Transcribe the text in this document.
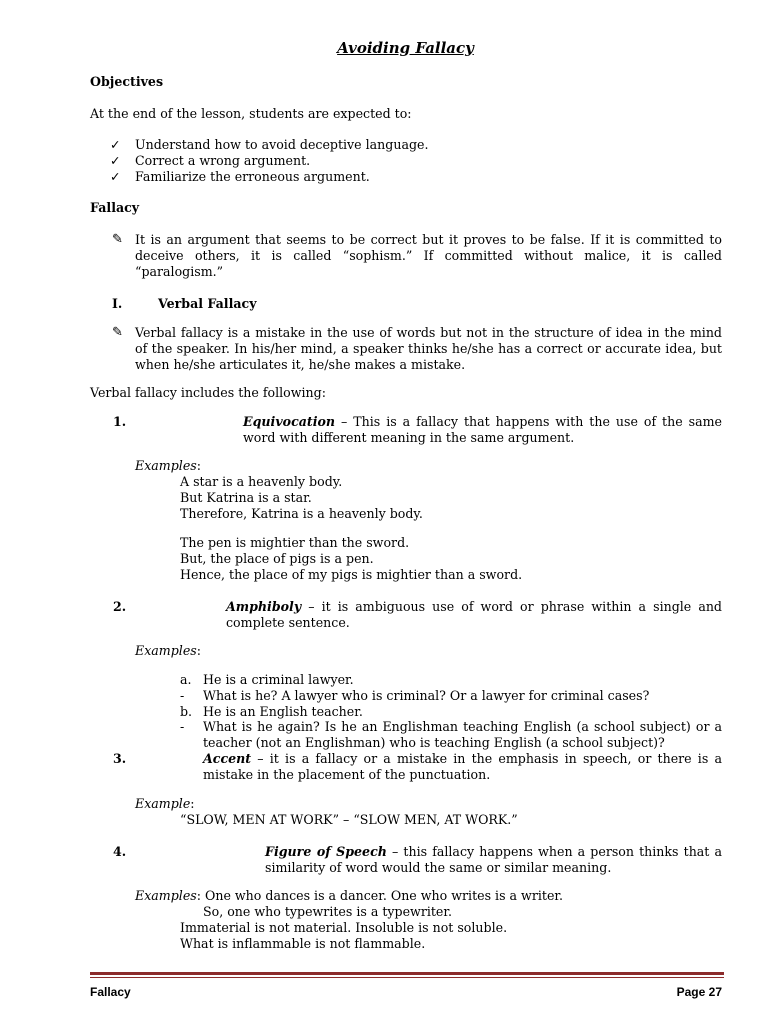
Avoiding Fallacy
Objectives
At the end of the lesson, students are expected to:
✓ Understand how to avoid deceptive language.
✓ Correct a wrong argument.
✓ Familiarize the erroneous argument.
Fallacy
✎ It is an argument that seems to be correct but it proves to be false. If it is committed to deceive others, it is called “sophism.” If committed without malice, it is called “paralogism.”
I.	Verbal Fallacy
✎ Verbal fallacy is a mistake in the use of words but not in the structure of idea in the mind of the speaker. In his/her mind, a speaker thinks he/she has a correct or accurate idea, but when he/she articulates it, he/she makes a mistake.
Verbal fallacy includes the following:
1.	Equivocation – This is a fallacy that happens with the use of the same word with different meaning in the same argument.
Examples:
A star is a heavenly body.
But Katrina is a star.
Therefore, Katrina is a heavenly body.
The pen is mightier than the sword.
But, the place of pigs is a pen.
Hence, the place of my pigs is mightier than a sword.
2.	Amphiboly – it is ambiguous use of word or phrase within a single and complete sentence.
Examples:
a. He is a criminal lawyer.
- What is he? A lawyer who is criminal? Or a lawyer for criminal cases?
b. He is an English teacher.
- What is he again? Is he an Englishman teaching English (a school subject) or a teacher (not an Englishman) who is teaching English (a school subject)?
3.	Accent – it is a fallacy or a mistake in the emphasis in speech, or there is a mistake in the placement of the punctuation.
Example:
“SLOW, MEN AT WORK” – “SLOW MEN, AT WORK.”
4.	Figure of Speech – this fallacy happens when a person thinks that a similarity of word would the same or similar meaning.
Examples: One who dances is a dancer. One who writes is a writer.
So, one who typewrites is a typewriter.
Immaterial is not material. Insoluble is not soluble.
What is inflammable is not flammable.
Fallacy	Page 27
